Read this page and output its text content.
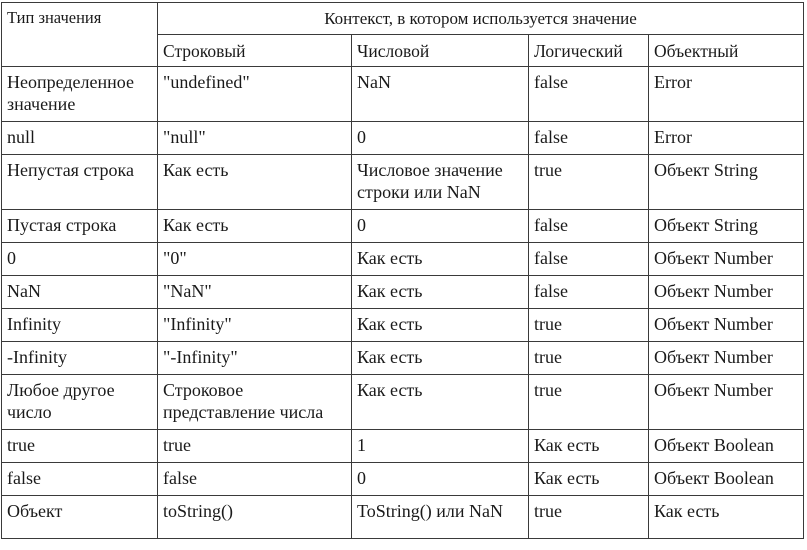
Тип значения	Контекст, в котором используется значение			
	Строковый	Числовой	Логический	Объектный
Неопределенное значение	"undefined"	NaN	false	Error
null	"null"	0	false	Error
Непустая строка	Как есть	Числовое значение строки или NaN	true	Объект String
Пустая строка	Как есть	0	false	Объект String
0	"0"	Как есть	false	Объект Number
NaN	"NaN"	Как есть	false	Объект Number
Infinity	"Infinity"	Как есть	true	Объект Number
-Infinity	"-Infinity"	Как есть	true	Объект Number
Любое другое число	Строковое представление числа	Как есть	true	Объект Number
true	true	1	Как есть	Объект Boolean
false	false	0	Как есть	Объект Boolean
Объект	toString()	ToString() или NaN	true	Как есть
